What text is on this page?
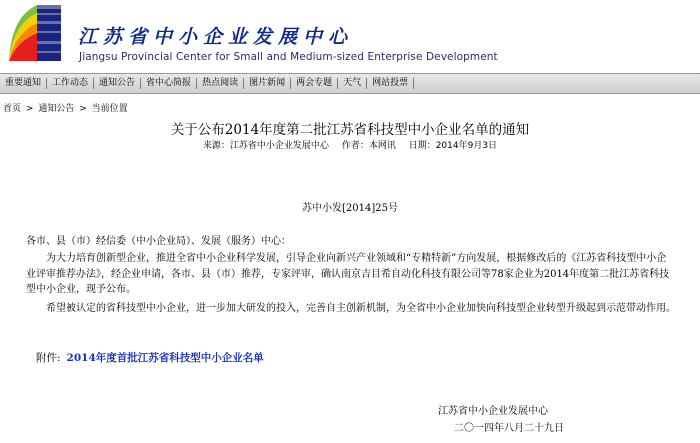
江苏省中小企业发展中心
Jiangsu Provincial Center for Small and Medium-sized Enterprise Development
重要通知	工作动态	通知公告	省中心简报	热点阅读	图片新闻	两会专题	天气	网站投票
首页 > 通知公告 > 当前位置
关于公布2014年度第二批江苏省科技型中小企业名单的通知
来源：江苏省中小企业发展中心 作者：本网讯 日期：2014年9月3日
苏中小发[2014]25号
各市、县（市）经信委（中小企业局）、发展（服务）中心：
　　为大力培育创新型企业，推进全省中小企业科学发展，引导企业向新兴产业领域和“专精特新”方向发展，根据修改后的《江苏省科技型中小企业评审推荐办法》，经企业申请，各市、县（市）推荐，专家评审，确认南京吉目希自动化科技有限公司等78家企业为2014年度第二批江苏省科技型中小企业，现予公布。
　　希望被认定的省科技型中小企业，进一步加大研发的投入，完善自主创新机制，为全省中小企业加快向科技型企业转型升级起到示范带动作用。
附件: 2014年度首批江苏省科技型中小企业名单
江苏省中小企业发展中心
二〇一四年八月二十九日
